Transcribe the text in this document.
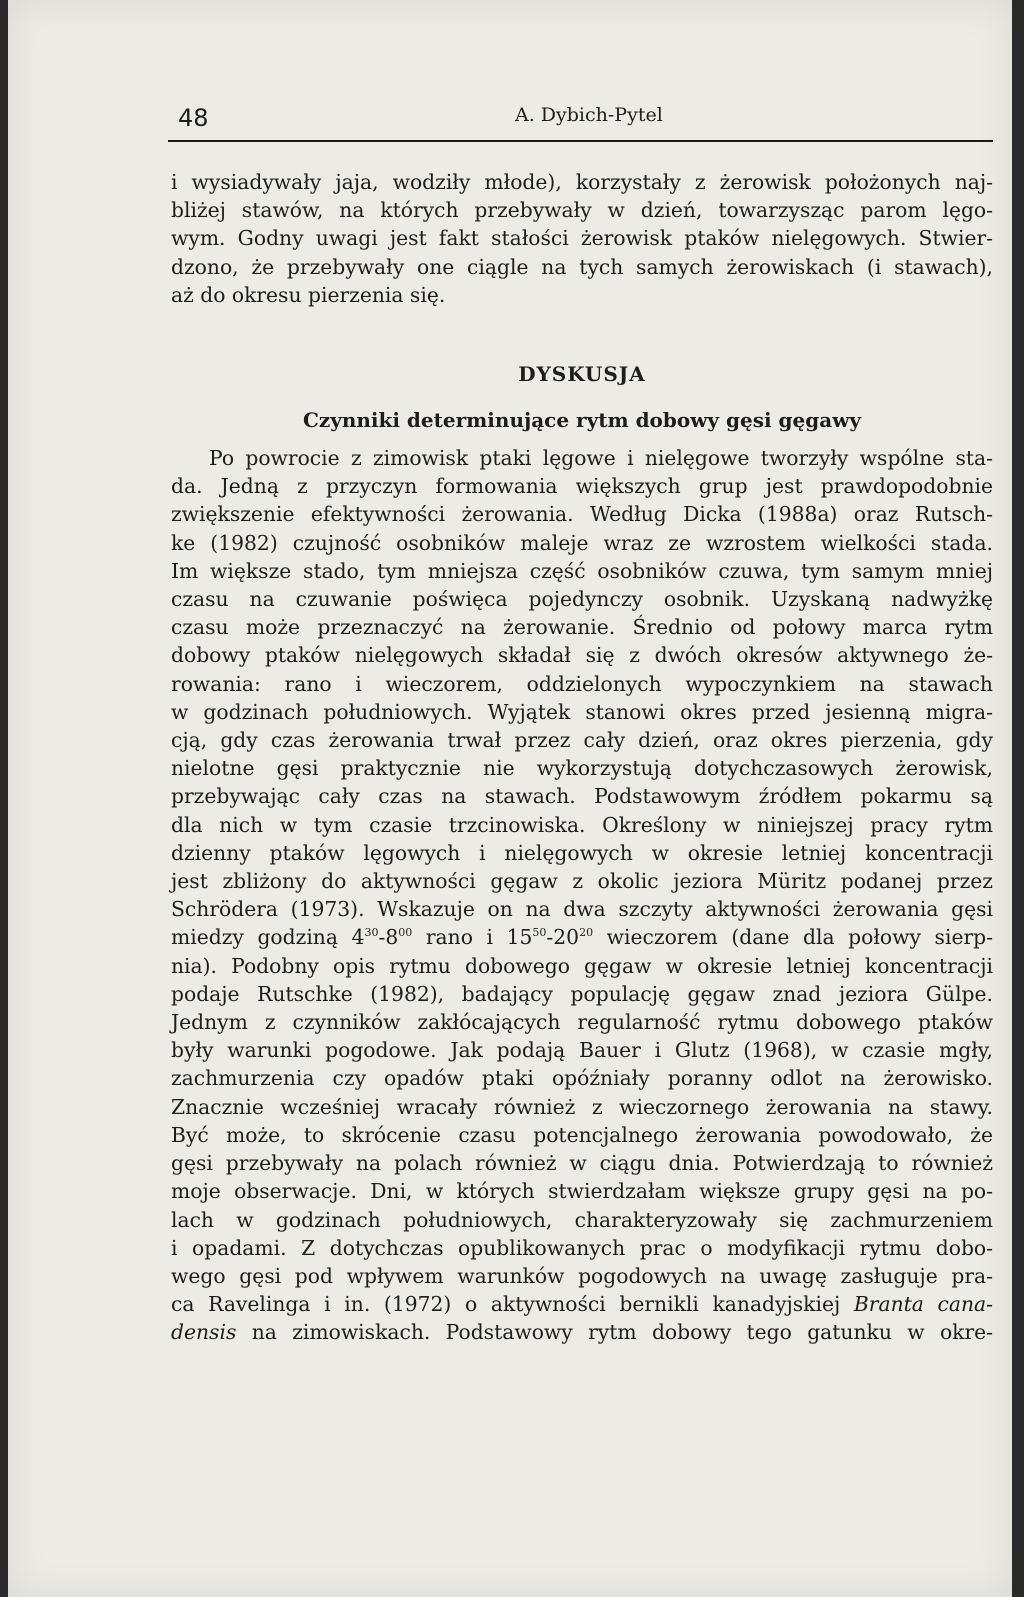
48	A. Dybich-Pytel

i wysiadywały jaja, wodziły młode), korzystały z żerowisk położonych naj-
bliżej stawów, na których przebywały w dzień, towarzysząc parom lęgo-
wym. Godny uwagi jest fakt stałości żerowisk ptaków nielęgowych. Stwier-
dzono, że przebywały one ciągle na tych samych żerowiskach (i stawach),
aż do okresu pierzenia się.

DYSKUSJA
Czynniki determinujące rytm dobowy gęsi gęgawy

Po powrocie z zimowisk ptaki lęgowe i nielęgowe tworzyły wspólne sta-
da. Jedną z przyczyn formowania większych grup jest prawdopodobnie
zwiększenie efektywności żerowania. Według Dicka (1988a) oraz Rutsch-
ke (1982) czujność osobników maleje wraz ze wzrostem wielkości stada.
Im większe stado, tym mniejsza część osobników czuwa, tym samym mniej
czasu na czuwanie poświęca pojedynczy osobnik. Uzyskaną nadwyżkę
czasu może przeznaczyć na żerowanie. Średnio od połowy marca rytm
dobowy ptaków nielęgowych składał się z dwóch okresów aktywnego że-
rowania: rano i wieczorem, oddzielonych wypoczynkiem na stawach
w godzinach południowych. Wyjątek stanowi okres przed jesienną migra-
cją, gdy czas żerowania trwał przez cały dzień, oraz okres pierzenia, gdy
nielotne gęsi praktycznie nie wykorzystują dotychczasowych żerowisk,
przebywając cały czas na stawach. Podstawowym źródłem pokarmu są
dla nich w tym czasie trzcinowiska. Określony w niniejszej pracy rytm
dzienny ptaków lęgowych i nielęgowych w okresie letniej koncentracji
jest zbliżony do aktywności gęgaw z okolic jeziora Müritz podanej przez
Schrödera (1973). Wskazuje on na dwa szczyty aktywności żerowania gęsi
miedzy godziną $4^{30}-8^{00}$ rano i $15^{50}-20^{20}$ wieczorem (dane dla połowy sierp-
nia). Podobny opis rytmu dobowego gęgaw w okresie letniej koncentracji
podaje Rutschke (1982), badający populację gęgaw znad jeziora Gülpe.
Jednym z czynników zakłócających regularność rytmu dobowego ptaków
były warunki pogodowe. Jak podają Bauer i Glutz (1968), w czasie mgły,
zachmurzenia czy opadów ptaki opóźniały poranny odlot na żerowisko.
Znacznie wcześniej wracały również z wieczornego żerowania na stawy.
Być może, to skrócenie czasu potencjalnego żerowania powodowało, że
gęsi przebywały na polach również w ciągu dnia. Potwierdzają to również
moje obserwacje. Dni, w których stwierdzałam większe grupy gęsi na po-
lach w godzinach południowych, charakteryzowały się zachmurzeniem
i opadami. Z dotychczas opublikowanych prac o modyfikacji rytmu dobo-
wego gęsi pod wpływem warunków pogodowych na uwagę zasługuje pra-
ca Ravelinga i in. (1972) o aktywności bernikli kanadyjskiej Branta cana-
densis na zimowiskach. Podstawowy rytm dobowy tego gatunku w okre-
